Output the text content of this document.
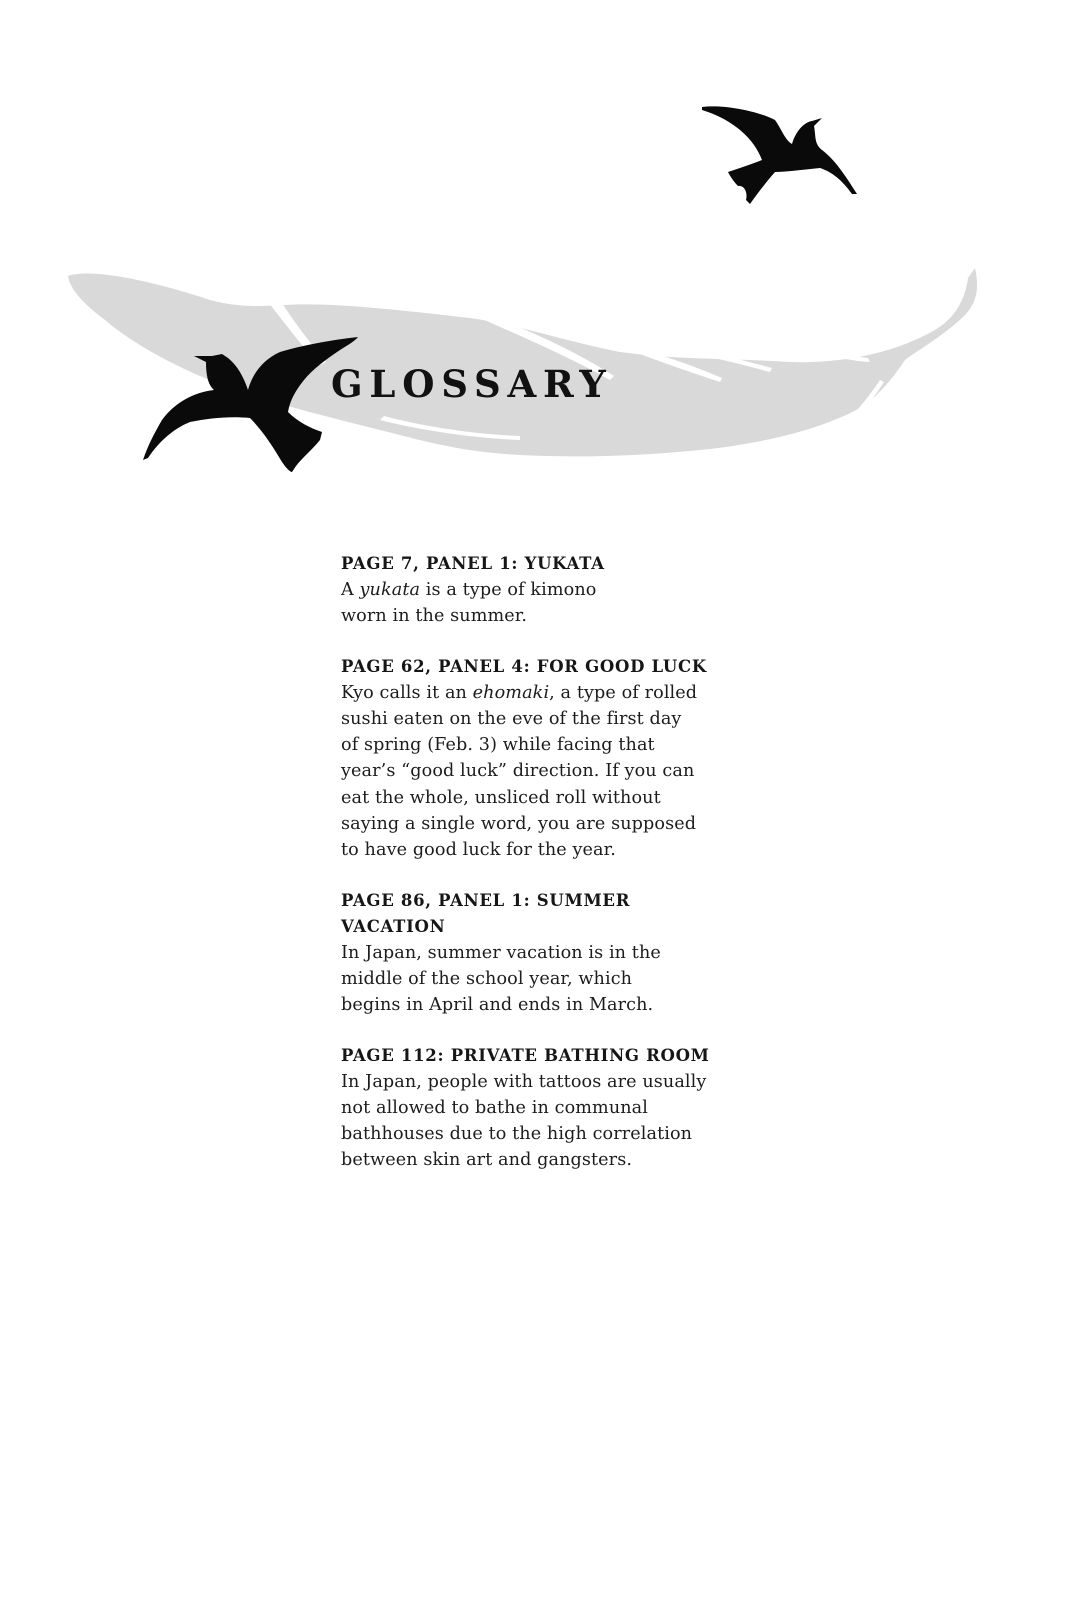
GLOSSARY

PAGE 7, PANEL 1: YUKATA

A yukata is a type of kimono
worn in the summer.

PAGE 62, PANEL 4: FOR GOOD LUCK

Kyo calls it an ehomaki, a type of rolled
sushi eaten on the eve of the first day
of spring (Feb. 3) while facing that
year’s “good luck” direction. If you can
eat the whole, unsliced roll without
saying a single word, you are supposed
to have good luck for the year.

PAGE 86, PANEL 1: SUMMER
VACATION

In Japan, summer vacation is in the
middle of the school year, which
begins in April and ends in March.

PAGE 112: PRIVATE BATHING ROOM

In Japan, people with tattoos are usually
not allowed to bathe in communal
bathhouses due to the high correlation
between skin art and gangsters.
